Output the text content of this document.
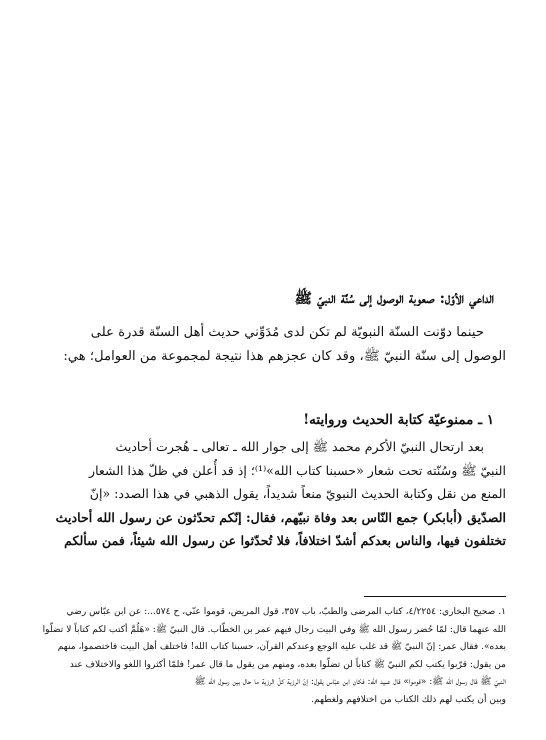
الداعي الأوّل: صعوبة الوصول إلى سُنَّة النبيّ ﷺ

حينما دوّنت السنّة النبويّة لم تكن لدى مُدَوِّني حديث أهل السنّة قدرة على

الوصول إلى سنّة النبيّ ﷺ، وقد كان عجزهم هذا نتيجة لمجموعة من العوامل؛ هي:

١ ـ ممنوعيّة كتابة الحديث وروايته!

بعد ارتحال النبيّ الأكرم محمد ﷺ إلى جوار الله ـ تعالى ـ هُجرت أحاديث

النبيّ ﷺ وسُنّته تحت شعار «حسبنا كتاب الله»⁽¹⁾؛ إذ قد أُعلن في ظلّ هذا الشعار

المنع من نقل وكتابة الحديث النبويّ منعاً شديداً، يقول الذهبي في هذا الصدد: «إنّ

الصدّيق (أبابكر) جمع النّاس بعد وفاة نبيّهم، فقال: إنّكم تحدّثون عن رسول الله أحاديث

تختلفون فيها، والناس بعدكم أشدّ اختلافاً، فلا تُحدّثوا عن رسول الله شيئاً، فمن سألكم

١. صحيح البخاري: ٤/٢٢٥٤، كتاب المرضى والطبّ، باب ٣٥٧، قول المريض، قوموا عنّي، ح ٥٧٤...: عن ابن عبّاس رضي

الله عنهما قال: لمّا حُضر رسول الله ﷺ وفي البيت رجال فيهم عمر بن الخطّاب. قال النبيّ ﷺ: «هَلُمَّ أكتب لكم كتاباً لا تضلّوا

بعده». فقال عمر: إنّ النبيّ ﷺ قد غلب عليه الوجع وعندكم القرآن، حسبنا كتاب الله! فاختلف أهل البيت فاختصموا، منهم

من يقول: قرّبوا يكتب لكم النبيّ ﷺ كتاباً لن تضلّوا بعده، ومنهم من يقول ما قال عمر! فلمّا أكثروا اللغو والاختلاف عند

النبيّ ﷺ قال رسول الله ﷺ: «قوموا» قال عبيد الله: فكان ابن عبّاس يقول: إنّ الرزية كلّ الرزية ما حال بين رسول الله ﷺ

وبين أن يكتب لهم ذلك الكتاب من اختلافهم ولغطهم.
